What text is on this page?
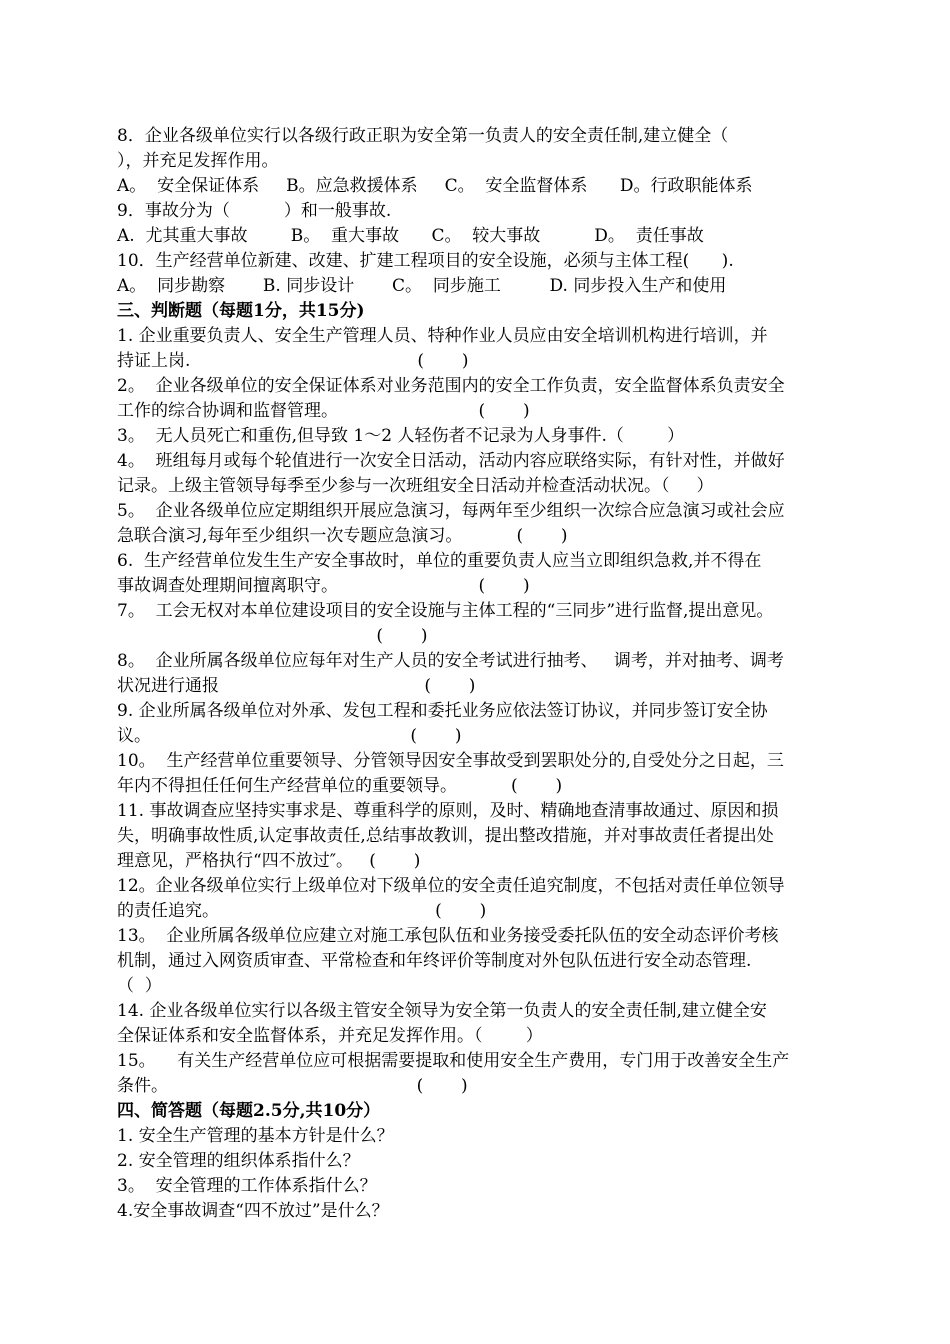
8．企业各级单位实行以各级行政正职为安全第一负责人的安全责任制,建立健全（
），并充足发挥作用。
A。  安全保证体系     B。应急救援体系     C。  安全监督体系      D。行政职能体系
9．事故分为（          ）和一般事故.
A.  尤其重大事故        B。  重大事故      C。  较大事故          D。  责任事故
10．生产经营单位新建、改建、扩建工程项目的安全设施，必须与主体工程(      ).
A。  同步勘察       B. 同步设计       C。  同步施工         D. 同步投入生产和使用
三、判断题（每题1分，共15分)
1. 企业重要负责人、安全生产管理人员、特种作业人员应由安全培训机构进行培训，并
持证上岗.                                          (       )
2。  企业各级单位的安全保证体系对业务范围内的安全工作负责，安全监督体系负责安全
工作的综合协调和监督管理。                          (       )
3。  无人员死亡和重伤,但导致 1～2 人轻伤者不记录为人身事件.（        ）
4。  班组每月或每个轮值进行一次安全日活动，活动内容应联络实际，有针对性，并做好
记录。上级主管领导每季至少参与一次班组安全日活动并检查活动状况。（     ）
5。  企业各级单位应定期组织开展应急演习，每两年至少组织一次综合应急演习或社会应
急联合演习,每年至少组织一次专题应急演习。          (       )
6.  生产经营单位发生生产安全事故时，单位的重要负责人应当立即组织急救,并不得在
事故调查处理期间擅离职守。                          (       )
7。  工会无权对本单位建设项目的安全设施与主体工程的“三同步”进行监督,提出意见。
(       )
8。  企业所属各级单位应每年对生产人员的安全考试进行抽考、   调考，并对抽考、调考
状况进行通报                                      (       )
9. 企业所属各级单位对外承、发包工程和委托业务应依法签订协议，并同步签订安全协
议。                                                (       )
10。  生产经营单位重要领导、分管领导因安全事故受到罢职处分的,自受处分之日起，三
年内不得担任任何生产经营单位的重要领导。          (       )
11. 事故调查应坚持实事求是、尊重科学的原则，及时、精确地查清事故通过、原因和损
失，明确事故性质,认定事故责任,总结事故教训，提出整改措施，并对事故责任者提出处
理意见，严格执行“四不放过″。   (       )
12。企业各级单位实行上级单位对下级单位的安全责任追究制度，不包括对责任单位领导
的责任追究。                                        (       )
13。  企业所属各级单位应建立对施工承包队伍和业务接受委托队伍的安全动态评价考核
机制，通过入网资质审查、平常检查和年终评价等制度对外包队伍进行安全动态管理.
（  ）
14. 企业各级单位实行以各级主管安全领导为安全第一负责人的安全责任制,建立健全安
全保证体系和安全监督体系，并充足发挥作用。（        ）
15。    有关生产经营单位应可根据需要提取和使用安全生产费用，专门用于改善安全生产
条件。                                              (       )
四、简答题（每题2.5分,共10分）
1. 安全生产管理的基本方针是什么？
2. 安全管理的组织体系指什么？
3。  安全管理的工作体系指什么？
4.安全事故调查“四不放过”是什么？
